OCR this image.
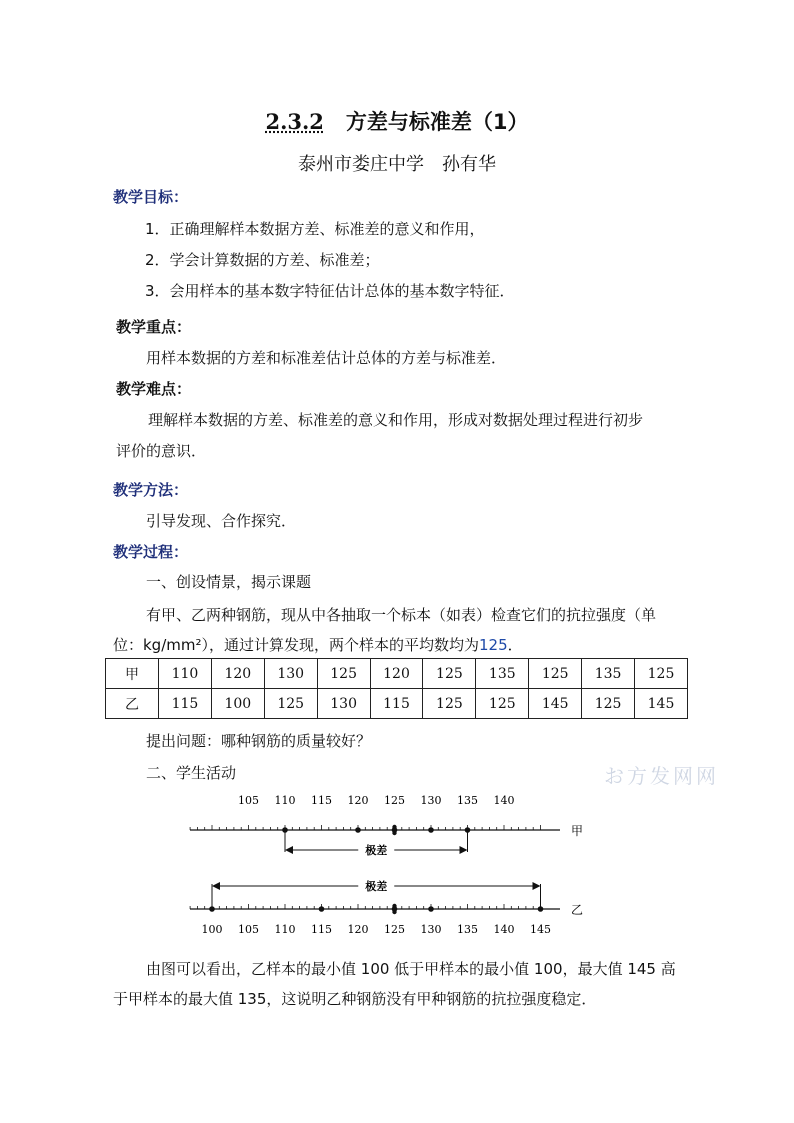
2.3.2 方差与标准差（1）
泰州市娄庄中学　孙有华
教学目标：
1．正确理解样本数据方差、标准差的意义和作用，
2．学会计算数据的方差、标准差；
3．会用样本的基本数字特征估计总体的基本数字特征．
教学重点：
用样本数据的方差和标准差估计总体的方差与标准差．
教学难点：
理解样本数据的方差、标准差的意义和作用，形成对数据处理过程进行初步
评价的意识．
教学方法：
引导发现、合作探究．
教学过程：
一、创设情景，揭示课题
有甲、乙两种钢筋，现从中各抽取一个标本（如表）检查它们的抗拉强度（单
位：kg/mm²），通过计算发现，两个样本的平均数均为125．
甲	110	120	130	125	120	125	135	125	135	125
乙	115	100	125	130	115	125	125	145	125	145
提出问题：哪种钢筋的质量较好？
二、学生活动	お方发网网
105 110 115 120 125 130 135 140
甲
极差
100 105 110 115 120 125 130 135 140 145
乙
极差
由图可以看出，乙样本的最小值 100 低于甲样本的最小值 100，最大值 145 高
于甲样本的最大值 135，这说明乙种钢筋没有甲种钢筋的抗拉强度稳定．
